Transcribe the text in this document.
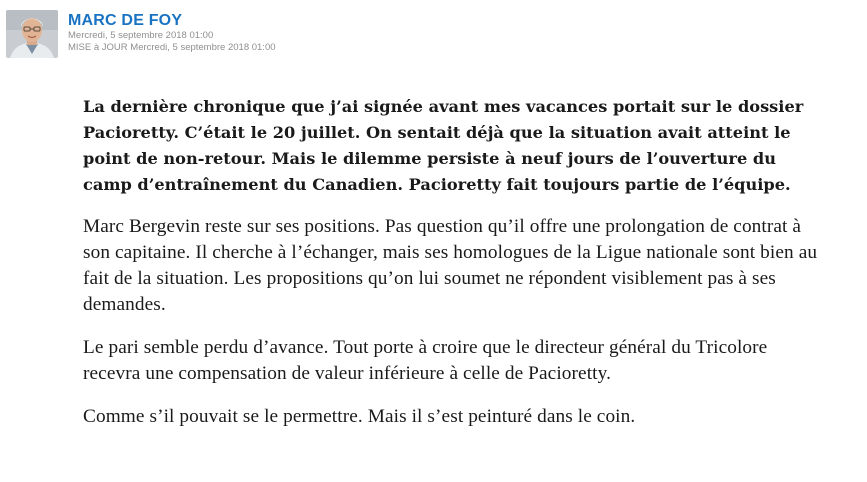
MARC DE FOY
Mercredi, 5 septembre 2018 01:00
MISE à JOUR Mercredi, 5 septembre 2018 01:00

La dernière chronique que j’ai signée avant mes vacances portait sur le dossier Pacioretty. C’était le 20 juillet. On sentait déjà que la situation avait atteint le point de non-retour. Mais le dilemme persiste à neuf jours de l’ouverture du camp d’entraînement du Canadien. Pacioretty fait toujours partie de l’équipe.

Marc Bergevin reste sur ses positions. Pas question qu’il offre une prolongation de contrat à son capitaine. Il cherche à l’échanger, mais ses homologues de la Ligue nationale sont bien au fait de la situation. Les propositions qu’on lui soumet ne répondent visiblement pas à ses demandes.

Le pari semble perdu d’avance. Tout porte à croire que le directeur général du Tricolore recevra une compensation de valeur inférieure à celle de Pacioretty.

Comme s’il pouvait se le permettre. Mais il s’est peinturé dans le coin.
